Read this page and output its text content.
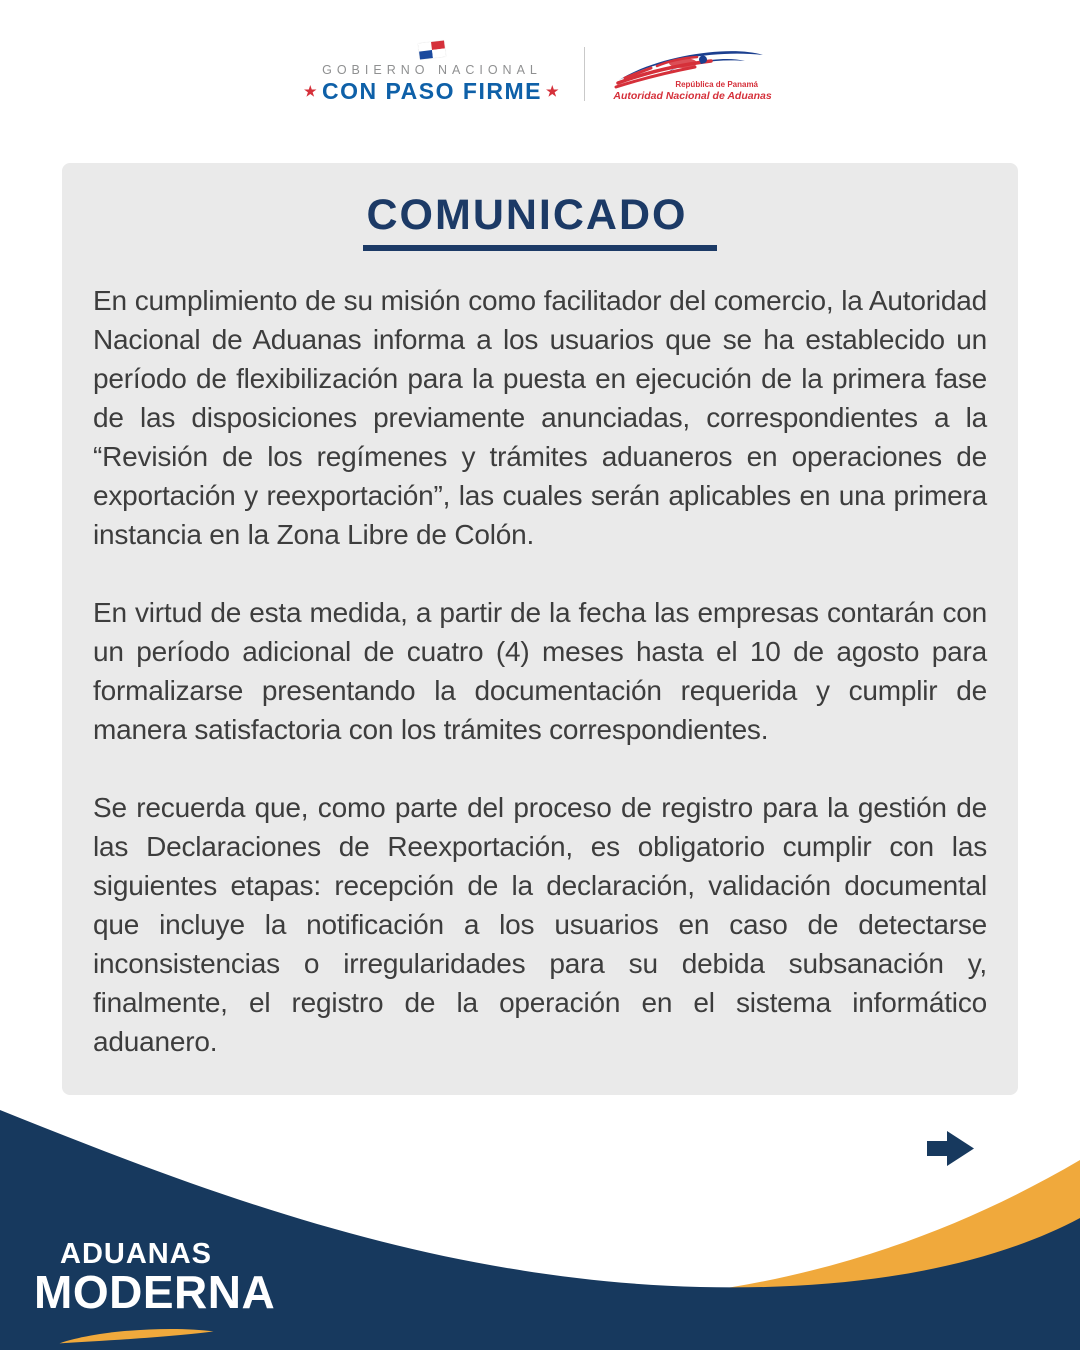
GOBIERNO NACIONAL
★ CON PASO FIRME ★	República de Panamá
Autoridad Nacional de Aduanas
COMUNICADO

En cumplimiento de su misión como facilitador del comercio, la Autoridad Nacional de Aduanas informa a los usuarios que se ha establecido un período de flexibilización para la puesta en ejecución de la primera fase de las disposiciones previamente anunciadas, correspondientes a la “Revisión de los regímenes y trámites aduaneros en operaciones de exportación y reexportación”, las cuales serán aplicables en una primera instancia en la Zona Libre de Colón.

En virtud de esta medida, a partir de la fecha las empresas contarán con un período adicional de cuatro (4) meses hasta el 10 de agosto para formalizarse presentando la documentación requerida y cumplir de manera satisfactoria con los trámites correspondientes.

Se recuerda que, como parte del proceso de registro para la gestión de las Declaraciones de Reexportación, es obligatorio cumplir con las siguientes etapas: recepción de la declaración, validación documental que incluye la notificación a los usuarios en caso de detectarse inconsistencias o irregularidades para su debida subsanación y, finalmente, el registro de la operación en el sistema informático aduanero.

ADUANAS
MODERNA
